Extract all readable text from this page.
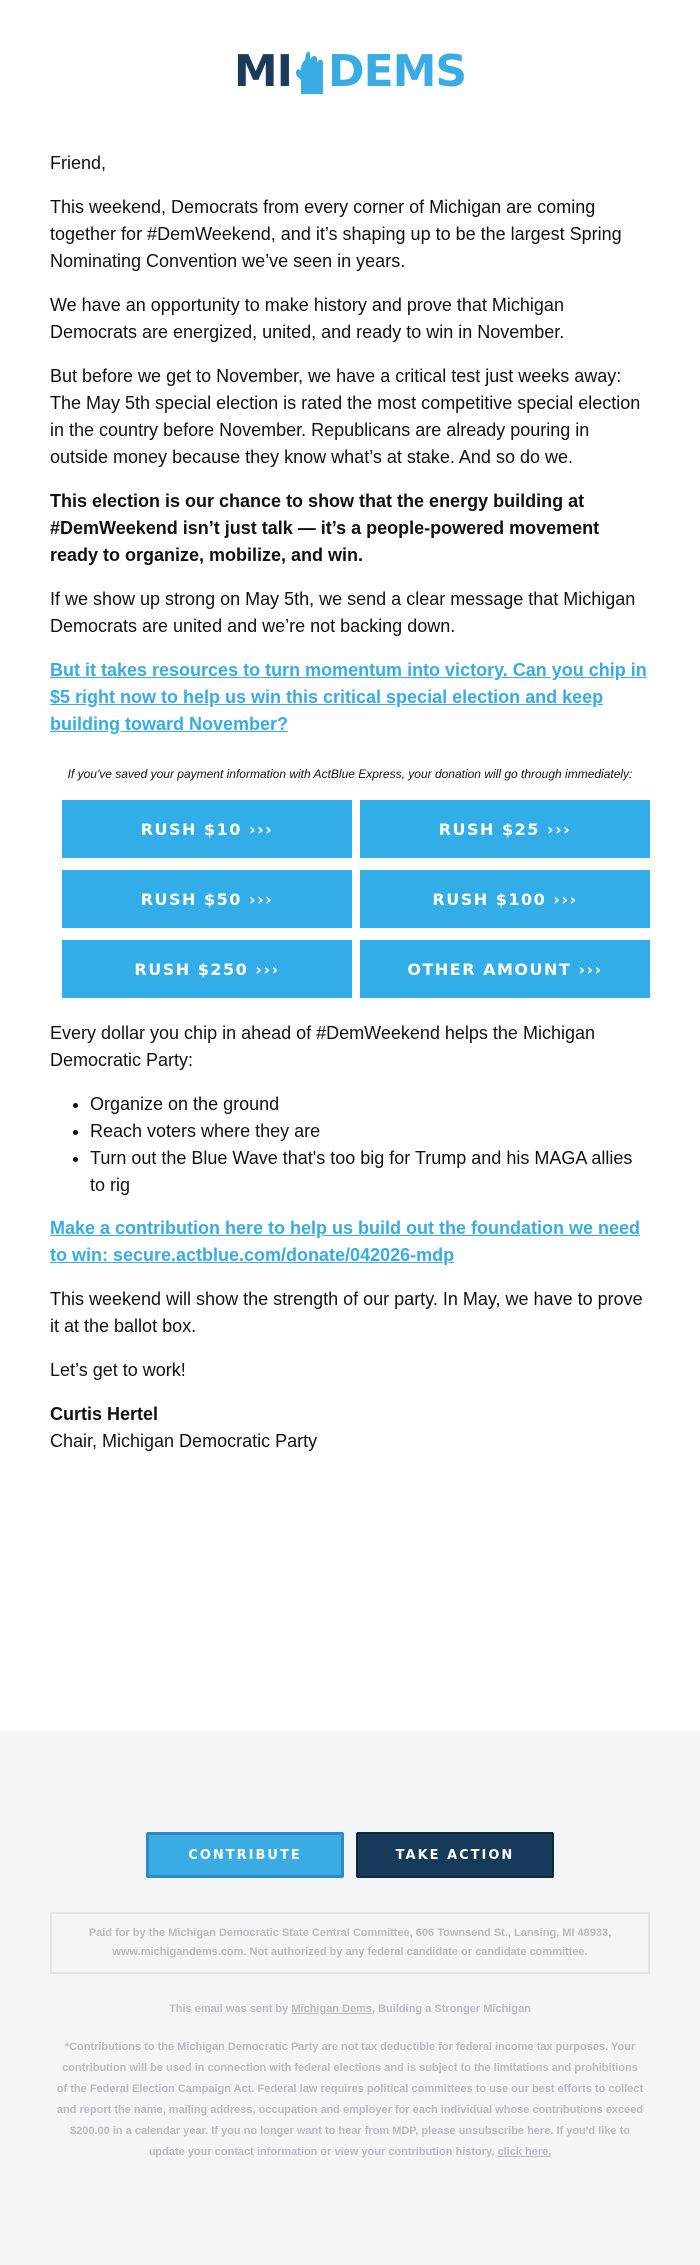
MI DEMS

Friend,

This weekend, Democrats from every corner of Michigan are coming together for #DemWeekend, and it’s shaping up to be the largest Spring Nominating Convention we’ve seen in years.

We have an opportunity to make history and prove that Michigan Democrats are energized, united, and ready to win in November.

But before we get to November, we have a critical test just weeks away: The May 5th special election is rated the most competitive special election in the country before November. Republicans are already pouring in outside money because they know what’s at stake. And so do we.

This election is our chance to show that the energy building at #DemWeekend isn’t just talk — it’s a people-powered movement ready to organize, mobilize, and win.

If we show up strong on May 5th, we send a clear message that Michigan Democrats are united and we’re not backing down.

But it takes resources to turn momentum into victory. Can you chip in $5 right now to help us win this critical special election and keep building toward November?

If you've saved your payment information with ActBlue Express, your donation will go through immediately:
RUSH $10 ›››	RUSH $25 ›››
RUSH $50 ›››	RUSH $100 ›››
RUSH $250 ›››	OTHER AMOUNT ›››

Every dollar you chip in ahead of #DemWeekend helps the Michigan Democratic Party:

• Organize on the ground
• Reach voters where they are
• Turn out the Blue Wave that's too big for Trump and his MAGA allies to rig

Make a contribution here to help us build out the foundation we need to win: secure.actblue.com/donate/042026-mdp

This weekend will show the strength of our party. In May, we have to prove it at the ballot box.

Let’s get to work!

Curtis Hertel

Chair, Michigan Democratic Party

CONTRIBUTE	TAKE ACTION
Paid for by the Michigan Democratic State Central Committee, 606 Townsend St., Lansing, MI 48933,
www.michigandems.com. Not authorized by any federal candidate or candidate committee.
This email was sent by Michigan Dems, Building a Stronger Michigan
*Contributions to the Michigan Democratic Party are not tax deductible for federal income tax purposes. Your contribution will be used in connection with federal elections and is subject to the limitations and prohibitions of the Federal Election Campaign Act. Federal law requires political committees to use our best efforts to collect and report the name, mailing address, occupation and employer for each individual whose contributions exceed $200.00 in a calendar year. If you no longer want to hear from MDP, please unsubscribe here. If you'd like to update your contact information or view your contribution history, click here.
